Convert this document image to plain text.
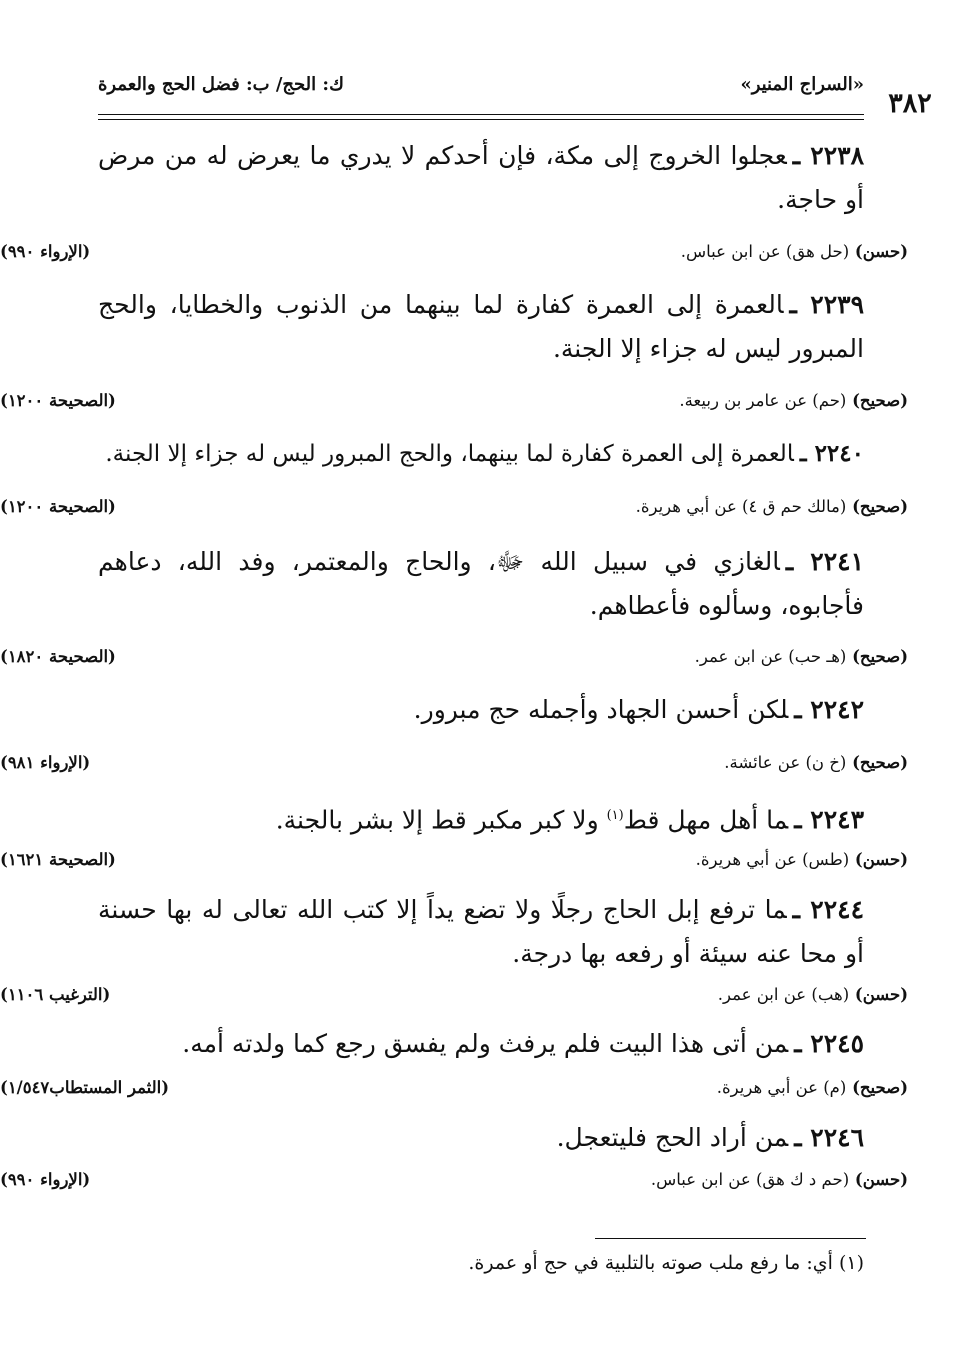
٣٨٢
«السراج المنير»
ك: الحج/ ب: فضل الحج والعمرة
٢٢٣٨ ـعجلوا الخروج إلى مكة، فإن أحدكم لا يدري ما يعرض له من مرض أو حاجة.
(حسن) (حل هق) عن ابن عباس.
(الإرواء ٩٩٠)
٢٢٣٩ ـالعمرة إلى العمرة كفارة لما بينهما من الذنوب والخطايا، والحج المبرور ليس له جزاء إلا الجنة.
(صحيح) (حم) عن عامر بن ربيعة.
(الصحيحة ١٢٠٠)
٢٢٤٠ ـالعمرة إلى العمرة كفارة لما بينهما، والحج المبرور ليس له جزاء إلا الجنة.
(صحيح) (مالك حم ق ٤) عن أبي هريرة.
(الصحيحة ١٢٠٠)
٢٢٤١ ـالغازي في سبيل الله ﷻ، والحاج والمعتمر، وفد الله، دعاهم فأجابوه، وسألوه فأعطاهم.
(صحيح) (هـ حب) عن ابن عمر.
(الصحيحة ١٨٢٠)
٢٢٤٢ ـلكن أحسن الجهاد وأجمله حج مبرور.
(صحيح) (خ ن) عن عائشة.
(الإرواء ٩٨١)
٢٢٤٣ ـما أهل مهل قط$^{(١)}$ ولا كبر مكبر قط إلا بشر بالجنة.
(حسن) (طس) عن أبي هريرة.
(الصحيحة ١٦٢١)
٢٢٤٤ ـما ترفع إبل الحاج رجلًا ولا تضع يداً إلا كتب الله تعالى له بها حسنة أو محا عنه سيئة أو رفعه بها درجة.
(حسن) (هب) عن ابن عمر.
(الترغيب ١١٠٦)
٢٢٤٥ ـمن أتى هذا البيت فلم يرفث ولم يفسق رجع كما ولدته أمه.
(صحيح) (م) عن أبي هريرة.
(الثمر المستطاب١/٥٤٧)
٢٢٤٦ ـمن أراد الحج فليتعجل.
(حسن) (حم د ك هق) عن ابن عباس.
(الإرواء ٩٩٠)
(١) أي: ما رفع ملب صوته بالتلبية في حج أو عمرة.
